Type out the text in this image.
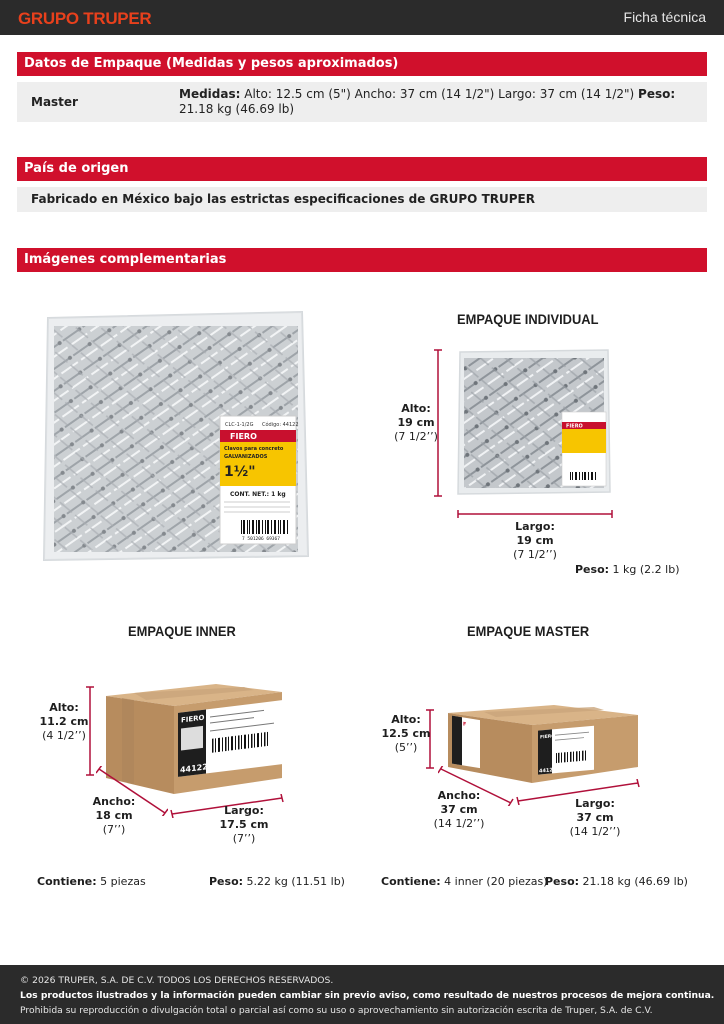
GRUPO TRUPER	Ficha técnica
Datos de Empaque (Medidas y pesos aproximados)
Master
Medidas: Alto: 12.5 cm (5") Ancho: 37 cm (14 1/2") Largo: 37 cm (14 1/2") Peso: 21.18 kg (46.69 lb)
País de origen
Fabricado en México bajo las estrictas especificaciones de GRUPO TRUPER
Imágenes complementarias
CLC-1-1/2G Código: 44122
FIERO
Clavos para concreto
GALVANIZADOS
1½"
CONT. NET.: 1 kg
7 501206 69367
EMPAQUE INDIVIDUAL
FIERO
Alto:
19 cm
(7 1/2’’)
Largo:
19 cm
(7 1/2’’)
Peso: 1 kg (2.2 lb)
EMPAQUE INNER
FIERO
44122
Alto:
11.2 cm
(4 1/2’’)
Ancho:
18 cm
(7’’)
Largo:
17.5 cm
(7’’)
Contiene: 5 piezas	Peso: 5.22 kg (11.51 lb)
EMPAQUE MASTER
F
FIERO
44122
Alto:
12.5 cm
(5’’)
Ancho:
37 cm
(14 1/2’’)
Largo:
37 cm
(14 1/2’’)
Contiene: 4 inner (20 piezas)
Peso: 21.18 kg (46.69 lb)
© 2026 TRUPER, S.A. DE C.V. TODOS LOS DERECHOS RESERVADOS.
Los productos ilustrados y la información pueden cambiar sin previo aviso, como resultado de nuestros procesos de mejora continua.
Prohibida su reproducción o divulgación total o parcial así como su uso o aprovechamiento sin autorización escrita de Truper, S.A. de C.V.
